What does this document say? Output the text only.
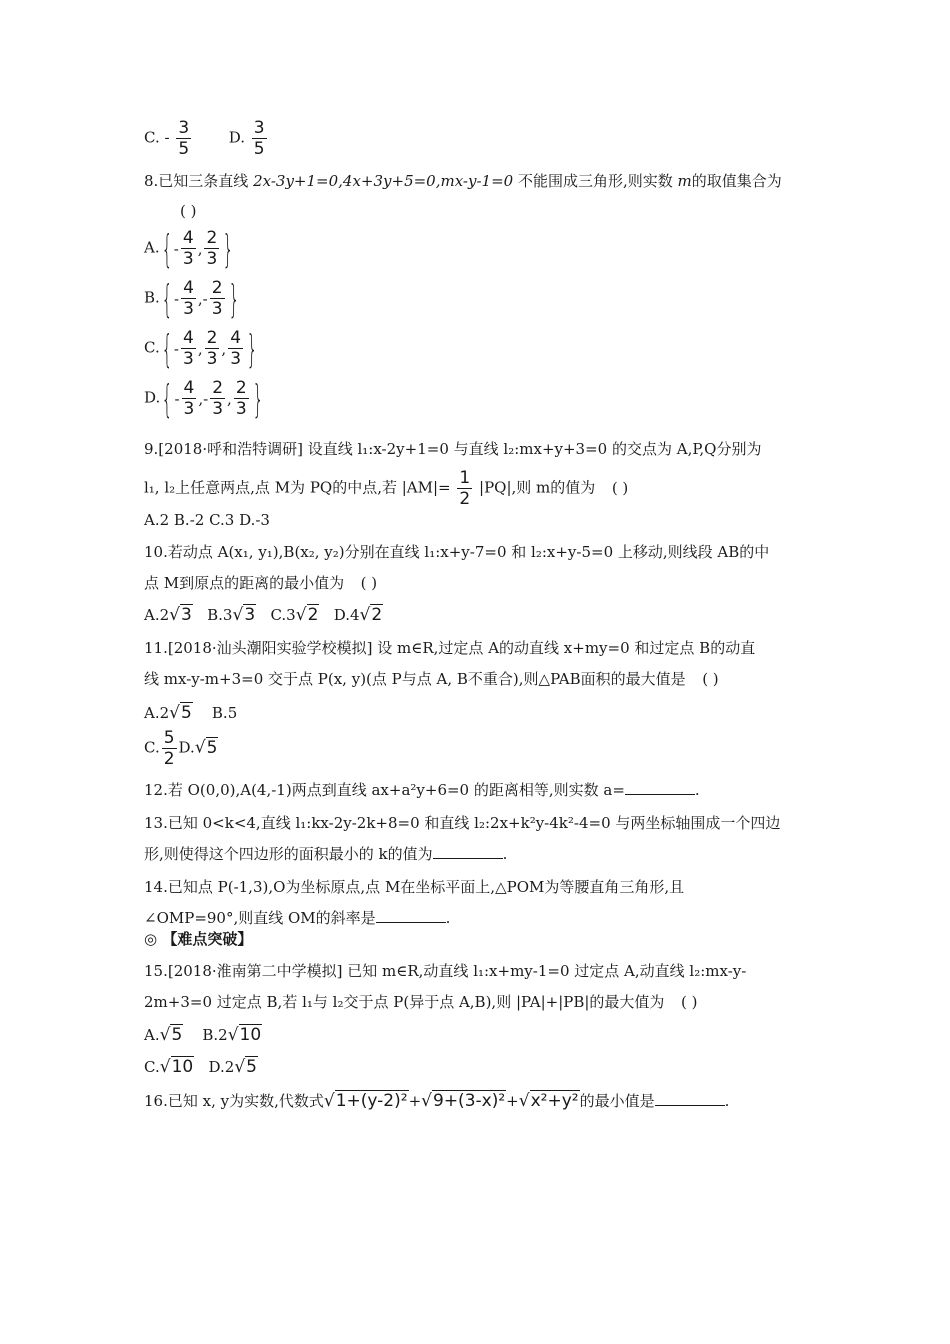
C. - $\frac{3}{5}$	D. $\frac{3}{5}$
8.已知三条直线 2x-3y+1=0,4x+3y+5=0,mx-y-1=0 不能围成三角形,则实数 m的取值集合为
( )
A. { - $\frac{4}{3}$ , $\frac{2}{3}$ }
B. { - $\frac{4}{3}$ , - $\frac{2}{3}$ }
C. { - $\frac{4}{3}$ , $\frac{2}{3}$ , $\frac{4}{3}$ }
D. { - $\frac{4}{3}$ , - $\frac{2}{3}$ , $\frac{2}{3}$ }
9.[2018·呼和浩特调研] 设直线 l₁:x-2y+1=0 与直线 l₂:mx+y+3=0 的交点为 A,P,Q分别为
l₁, l₂上任意两点,点 M为 PQ的中点,若 $|AM|= \frac{1}{2} |PQ|$,则 m的值为 ( )
A.2 B.-2 C.3 D.-3
10.若动点 A(x₁, y₁),B(x₂, y₂)分别在直线 l₁:x+y-7=0 和 l₂:x+y-5=0 上移动,则线段 AB的中
点 M到原点的距离的最小值为 ( )
A.2√3 B.3√3 C.3√2 D.4√2
11.[2018·汕头潮阳实验学校模拟] 设 m∈R,过定点 A的动直线 x+my=0 和过定点 B的动直
线 mx-y-m+3=0 交于点 P(x, y)(点 P与点 A, B不重合),则△PAB面积的最大值是 ( )
A.2√5 B.5
C. $\frac{5}{2} D.√5$
12.若 O(0,0),A(4,-1)两点到直线 ax+a²y+6=0 的距离相等,则实数 a=	.
13.已知 0<k<4,直线 l₁:kx-2y-2k+8=0 和直线 l₂:2x+k²y-4k²-4=0 与两坐标轴围成一个四边
形,则使得这个四边形的面积最小的 k的值为	.
14.已知点 P(-1,3),O为坐标原点,点 M在坐标平面上,△POM为等腰直角三角形,且
∠OMP=90°,则直线 OM的斜率是	.
◎ 【难点突破】
15.[2018·淮南第二中学模拟] 已知 m∈R,动直线 l₁:x+my-1=0 过定点 A,动直线 l₂:mx-y-
2m+3=0 过定点 B,若 l₁与 l₂交于点 P(异于点 A,B),则 |PA|+|PB|的最大值为 ( )
A.√5 B.2√10
C.√10 D.2√5
16.已知 x, y为实数,代数式√1+(y-2)²+√9+(3-x)²+√x²+y²的最小值是	.
